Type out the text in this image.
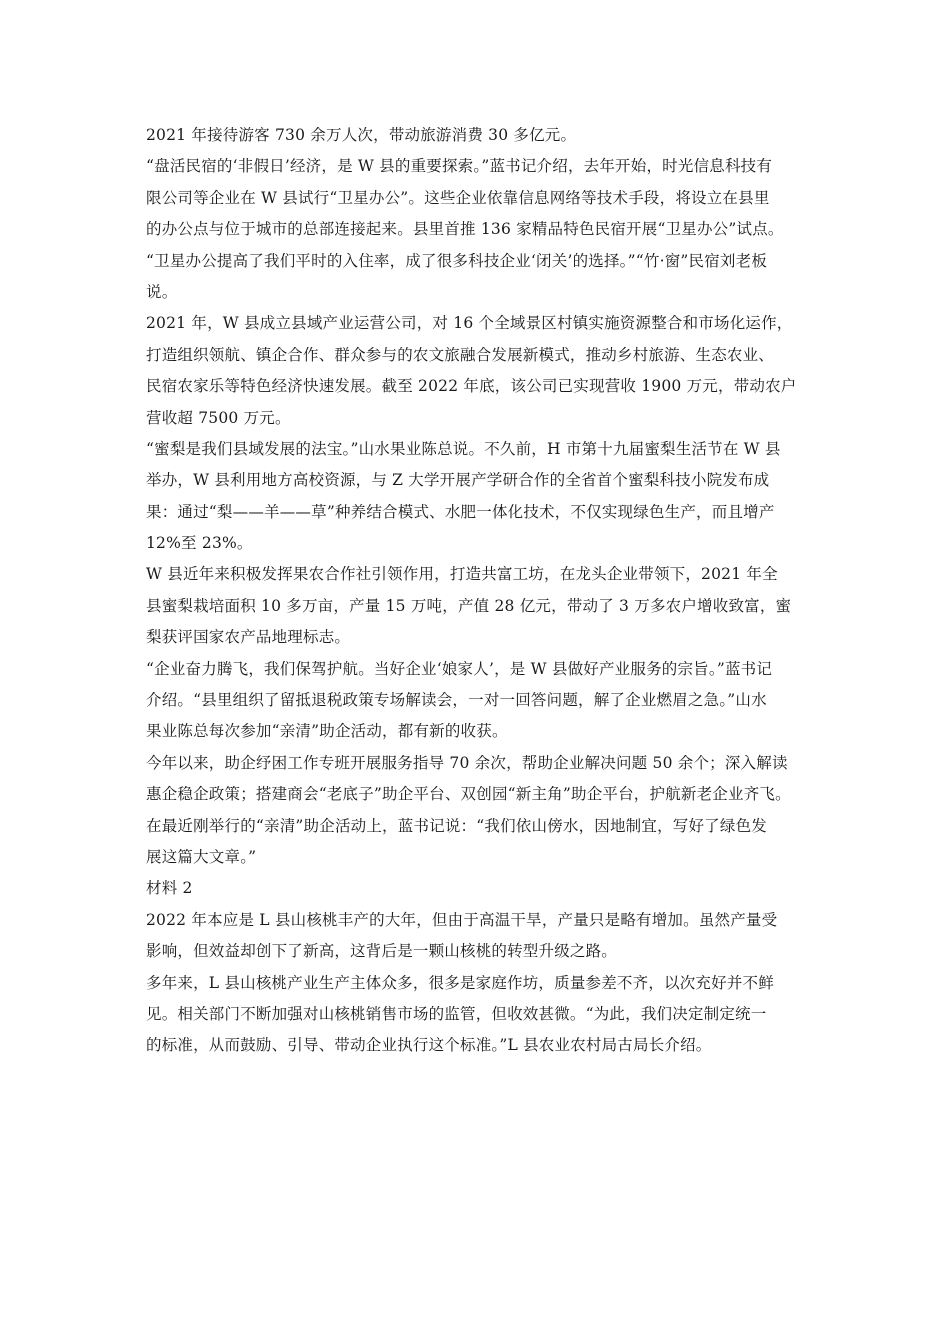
2021 年接待游客 730 余万人次，带动旅游消费 30 多亿元。
“盘活民宿的‘非假日’经济，是 W 县的重要探索。”蓝书记介绍，去年开始，时光信息科技有
限公司等企业在 W 县试行“卫星办公”。这些企业依靠信息网络等技术手段，将设立在县里
的办公点与位于城市的总部连接起来。县里首推 136 家精品特色民宿开展“卫星办公”试点。
“卫星办公提高了我们平时的入住率，成了很多科技企业‘闭关’的选择。”“竹·窗”民宿刘老板
说。
2021 年，W 县成立县域产业运营公司，对 16 个全域景区村镇实施资源整合和市场化运作，
打造组织领航、镇企合作、群众参与的农文旅融合发展新模式，推动乡村旅游、生态农业、
民宿农家乐等特色经济快速发展。截至 2022 年底，该公司已实现营收 1900 万元，带动农户
营收超 7500 万元。
“蜜梨是我们县域发展的法宝。”山水果业陈总说。不久前，H 市第十九届蜜梨生活节在 W 县
举办，W 县利用地方高校资源，与 Z 大学开展产学研合作的全省首个蜜梨科技小院发布成
果：通过“梨——羊——草”种养结合模式、水肥一体化技术，不仅实现绿色生产，而且增产
12%至 23%。
W 县近年来积极发挥果农合作社引领作用，打造共富工坊，在龙头企业带领下，2021 年全
县蜜梨栽培面积 10 多万亩，产量 15 万吨，产值 28 亿元，带动了 3 万多农户增收致富，蜜
梨获评国家农产品地理标志。
“企业奋力腾飞，我们保驾护航。当好企业‘娘家人’，是 W 县做好产业服务的宗旨。”蓝书记
介绍。“县里组织了留抵退税政策专场解读会，一对一回答问题，解了企业燃眉之急。”山水
果业陈总每次参加“亲清”助企活动，都有新的收获。
今年以来，助企纾困工作专班开展服务指导 70 余次，帮助企业解决问题 50 余个；深入解读
惠企稳企政策；搭建商会“老底子”助企平台、双创园“新主角”助企平台，护航新老企业齐飞。
在最近刚举行的“亲清”助企活动上，蓝书记说：“我们依山傍水，因地制宜，写好了绿色发
展这篇大文章。”
材料 2
2022 年本应是 L 县山核桃丰产的大年，但由于高温干旱，产量只是略有增加。虽然产量受
影响，但效益却创下了新高，这背后是一颗山核桃的转型升级之路。
多年来，L 县山核桃产业生产主体众多，很多是家庭作坊，质量参差不齐，以次充好并不鲜
见。相关部门不断加强对山核桃销售市场的监管，但收效甚微。“为此，我们决定制定统一
的标准，从而鼓励、引导、带动企业执行这个标准。”L 县农业农村局古局长介绍。
